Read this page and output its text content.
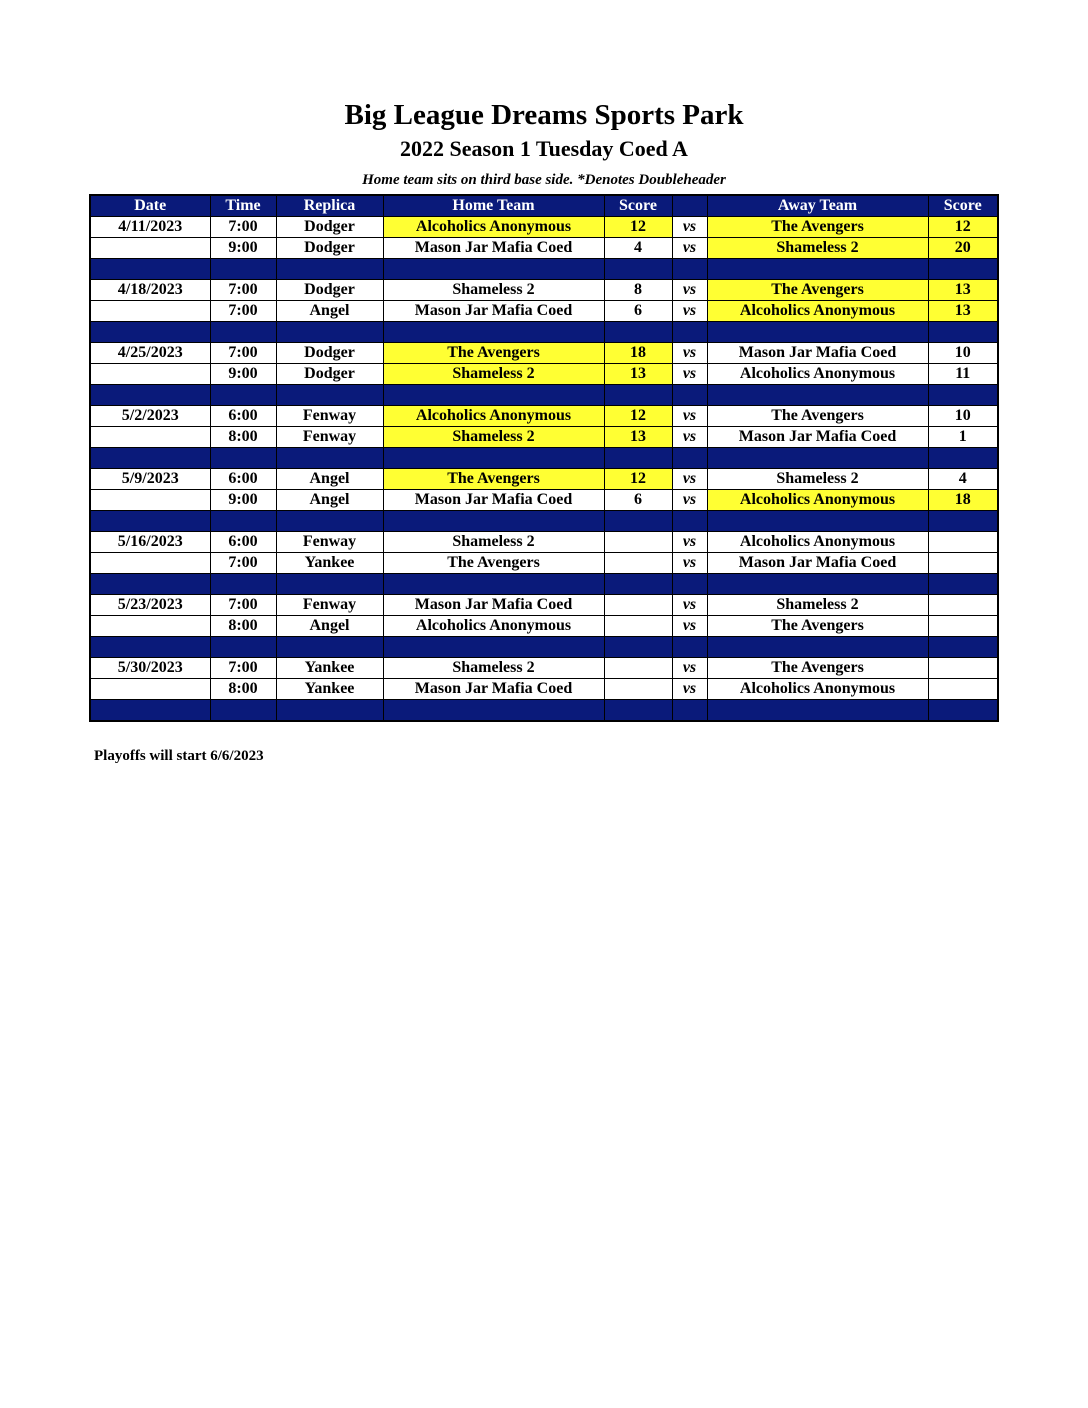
Big League Dreams Sports Park
2022 Season 1 Tuesday Coed A
Home team sits on third base side. *Denotes Doubleheader
Date	Time	Replica	Home Team	Score		Away Team	Score
4/11/2023	7:00	Dodger	Alcoholics Anonymous	12	vs	The Avengers	12
	9:00	Dodger	Mason Jar Mafia Coed	4	vs	Shameless 2	20

4/18/2023	7:00	Dodger	Shameless 2	8	vs	The Avengers	13
	7:00	Angel	Mason Jar Mafia Coed	6	vs	Alcoholics Anonymous	13

4/25/2023	7:00	Dodger	The Avengers	18	vs	Mason Jar Mafia Coed	10
	9:00	Dodger	Shameless 2	13	vs	Alcoholics Anonymous	11

5/2/2023	6:00	Fenway	Alcoholics Anonymous	12	vs	The Avengers	10
	8:00	Fenway	Shameless 2	13	vs	Mason Jar Mafia Coed	1

5/9/2023	6:00	Angel	The Avengers	12	vs	Shameless 2	4
	9:00	Angel	Mason Jar Mafia Coed	6	vs	Alcoholics Anonymous	18

5/16/2023	6:00	Fenway	Shameless 2		vs	Alcoholics Anonymous	
	7:00	Yankee	The Avengers		vs	Mason Jar Mafia Coed	

5/23/2023	7:00	Fenway	Mason Jar Mafia Coed		vs	Shameless 2	
	8:00	Angel	Alcoholics Anonymous		vs	The Avengers	

5/30/2023	7:00	Yankee	Shameless 2		vs	The Avengers	
	8:00	Yankee	Mason Jar Mafia Coed		vs	Alcoholics Anonymous	

Playoffs will start 6/6/2023
